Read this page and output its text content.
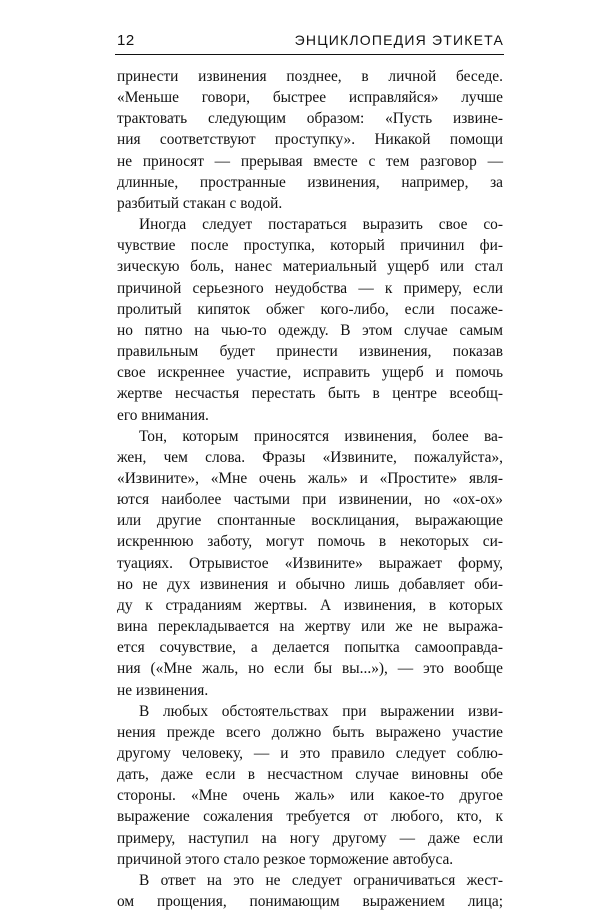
12	ЭНЦИКЛОПЕДИЯ ЭТИКЕТА

принести извинения позднее, в личной беседе.
«Меньше говори, быстрее исправляйся» лучше
трактовать следующим образом: «Пусть извине-
ния соответствуют проступку». Никакой помощи
не приносят — прерывая вместе с тем разговор —
длинные, пространные извинения, например, за
разбитый стакан с водой.

Иногда следует постараться выразить свое со-
чувствие после проступка, который причинил фи-
зическую боль, нанес материальный ущерб или стал
причиной серьезного неудобства — к примеру, если
пролитый кипяток обжег кого-либо, если посаже-
но пятно на чью-то одежду. В этом случае самым
правильным будет принести извинения, показав
свое искреннее участие, исправить ущерб и помочь
жертве несчастья перестать быть в центре всеобщ-
его внимания.

Тон, которым приносятся извинения, более ва-
жен, чем слова. Фразы «Извините, пожалуйста»,
«Извините», «Мне очень жаль» и «Простите» явля-
ются наиболее частыми при извинении, но «ох-ох»
или другие спонтанные восклицания, выражающие
искреннюю заботу, могут помочь в некоторых си-
туациях. Отрывистое «Извините» выражает форму,
но не дух извинения и обычно лишь добавляет оби-
ду к страданиям жертвы. А извинения, в которых
вина перекладывается на жертву или же не выража-
ется сочувствие, а делается попытка самооправда-
ния («Мне жаль, но если бы вы...»), — это вообще
не извинения.

В любых обстоятельствах при выражении изви-
нения прежде всего должно быть выражено участие
другому человеку, — и это правило следует соблю-
дать, даже если в несчастном случае виновны обе
стороны. «Мне очень жаль» или какое-то другое
выражение сожаления требуется от любого, кто, к
примеру, наступил на ногу другому — даже если
причиной этого стало резкое торможение автобуса.

В ответ на это не следует ограничиваться жест-
ом прощения, понимающим выражением лица;
